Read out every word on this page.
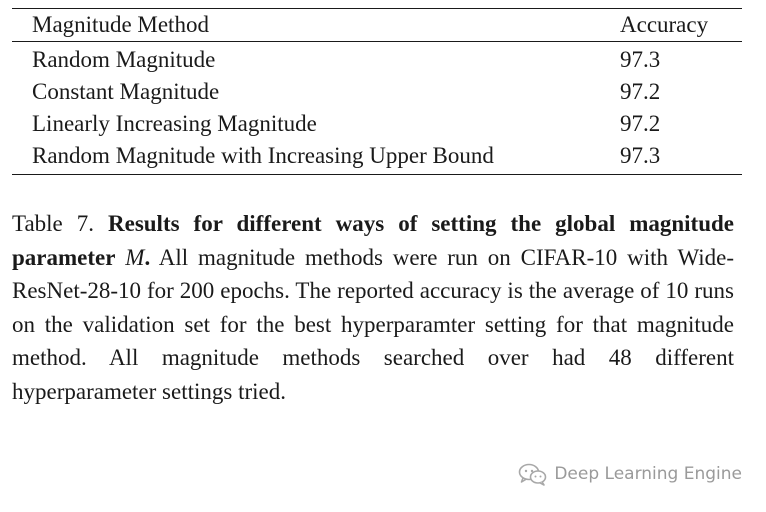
Magnitude Method	Accuracy
Random Magnitude	97.3
Constant Magnitude	97.2
Linearly Increasing Magnitude	97.2
Random Magnitude with Increasing Upper Bound	97.3

Table 7. Results for different ways of setting the global magnitude parameter M. All magnitude methods were run on CIFAR-10 with Wide-ResNet-28-10 for 200 epochs. The reported accuracy is the average of 10 runs on the validation set for the best hyperparamter setting for that magnitude method. All magnitude methods searched over had 48 different hyperparameter settings tried.

Deep Learning Engine
